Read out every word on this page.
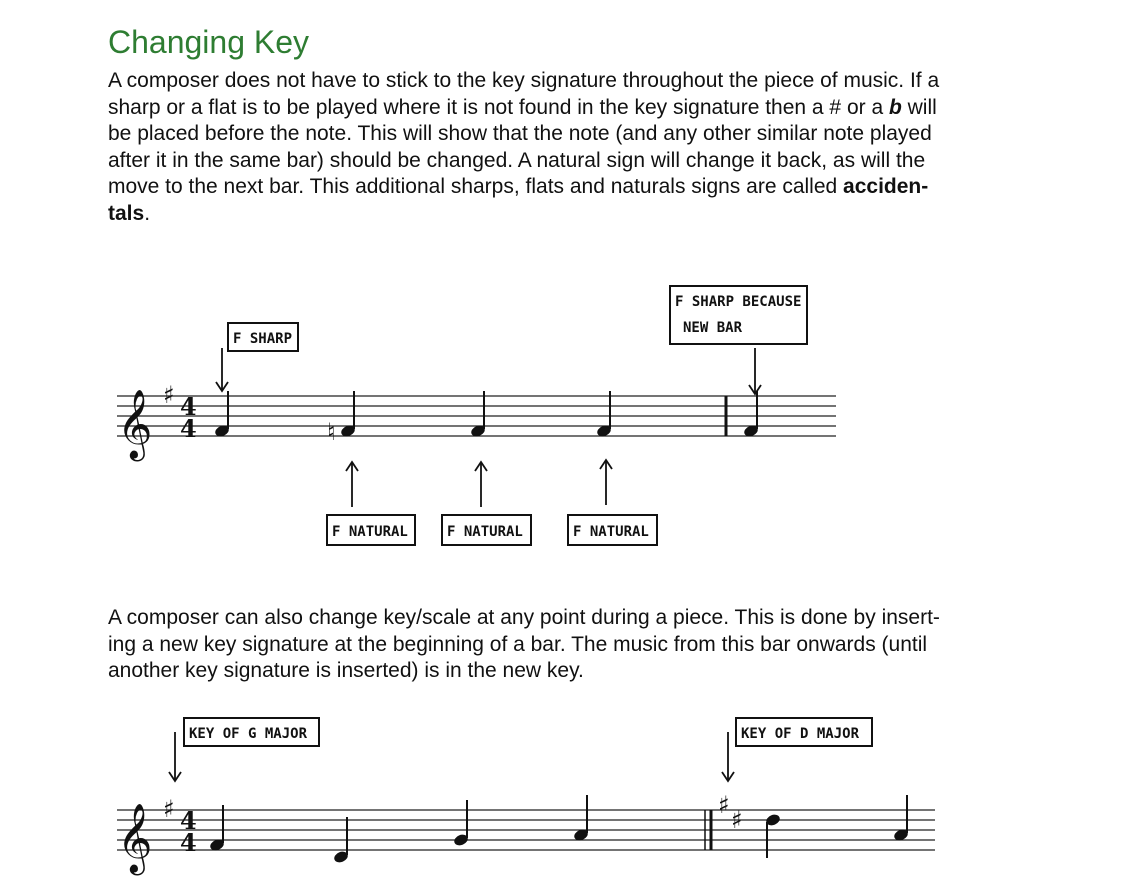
Changing Key

A composer does not have to stick to the key signature throughout the piece of music. If a
sharp or a flat is to be played where it is not found in the key signature then a # or a b will
be placed before the note. This will show that the note (and any other similar note played
after it in the same bar) should be changed. A natural sign will change it back, as will the
move to the next bar. This additional sharps, flats and naturals signs are called acciden-
tals.

𝄞 ♯ 4
4	♮
F SHARP
F SHARP BECAUSE
NEW BAR
F NATURAL	F NATURAL	F NATURAL

A composer can also change key/scale at any point during a piece. This is done by insert-
ing a new key signature at the beginning of a bar. The music from this bar onwards (until
another key signature is inserted) is in the new key.

𝄞 ♯ 4
4
♯
♯
KEY OF G MAJOR	KEY OF D MAJOR
